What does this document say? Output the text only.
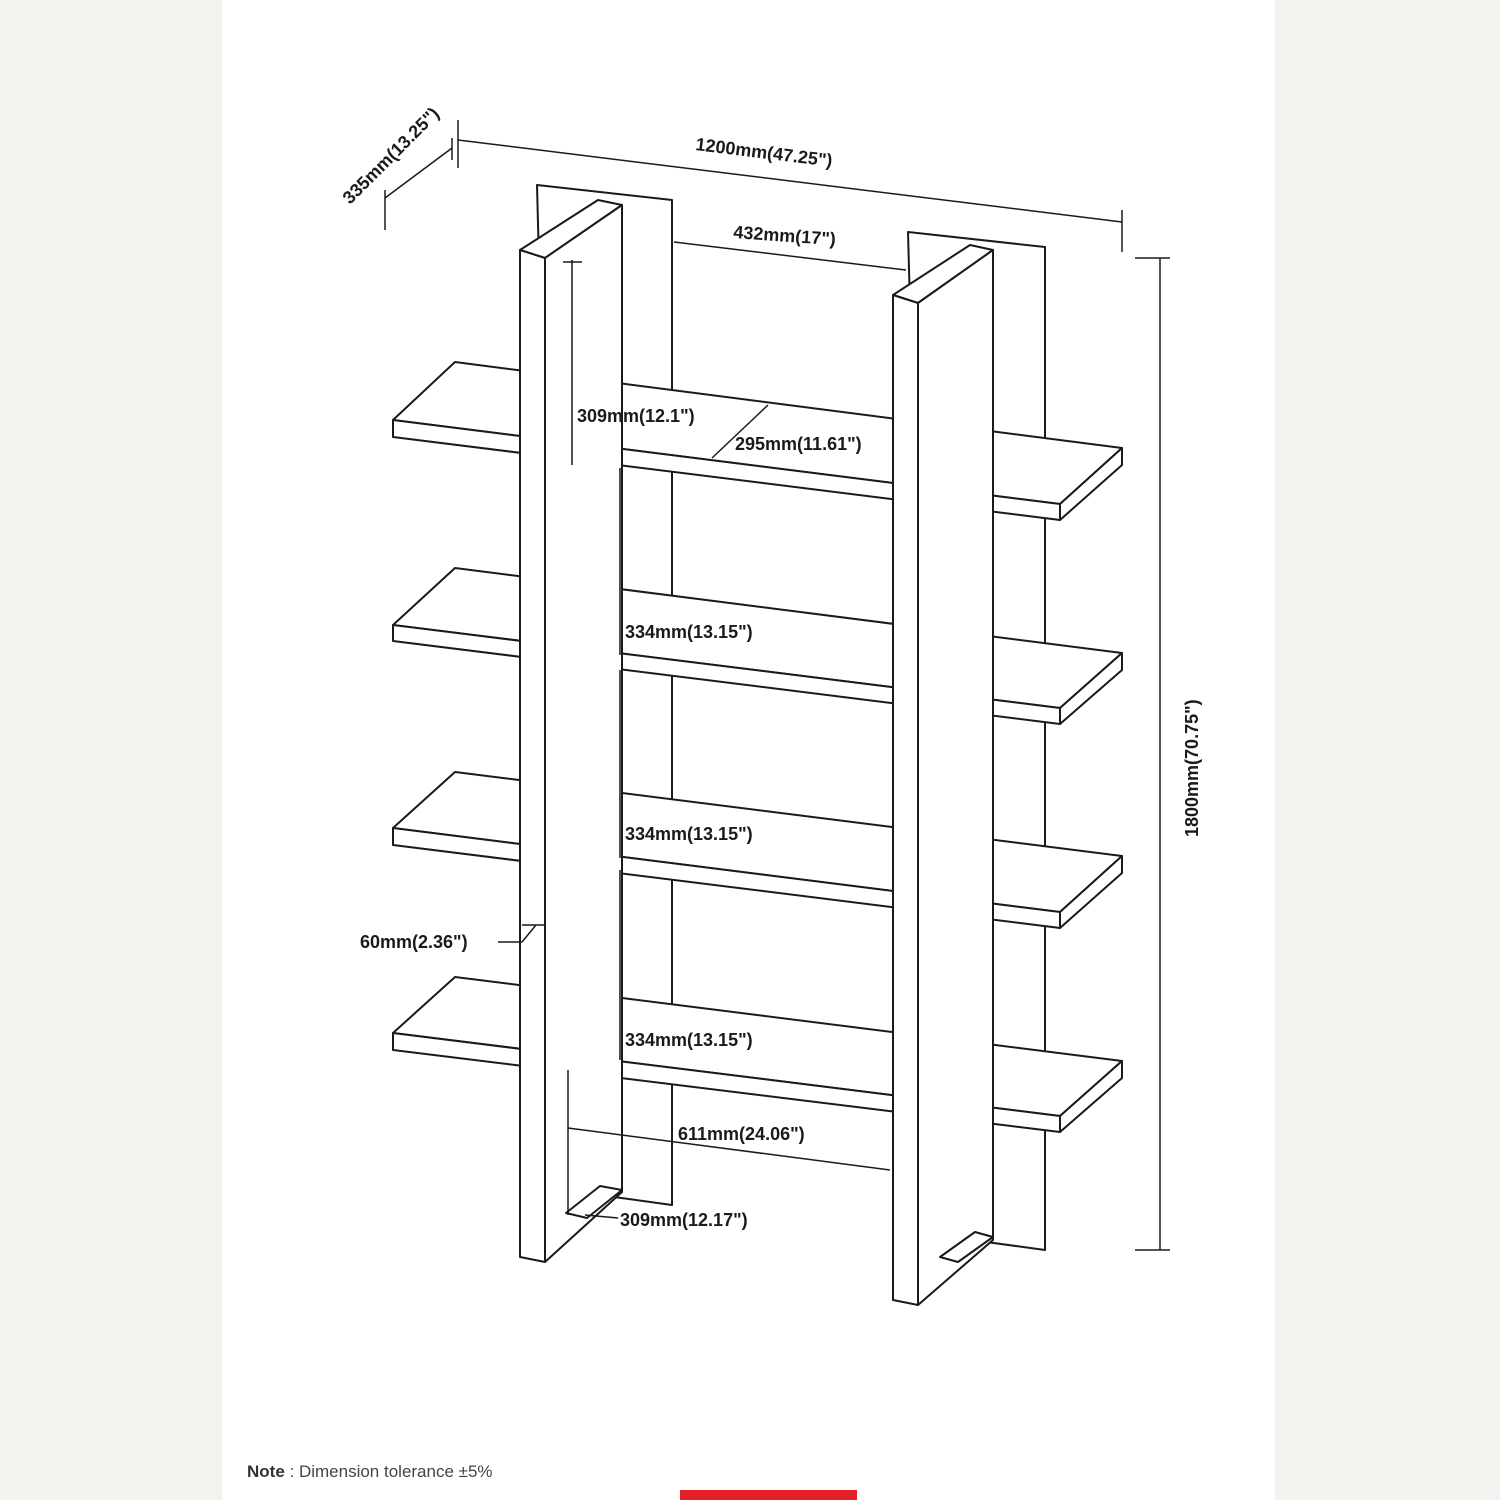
335mm(13.25")	1200mm(47.25")
432mm(17")
1800mm(70.75")
309mm(12.1")
295mm(11.61")
334mm(13.15")
334mm(13.15")
334mm(13.15")
60mm(2.36")
611mm(24.06")
309mm(12.17")
Note : Dimension tolerance ±5%
